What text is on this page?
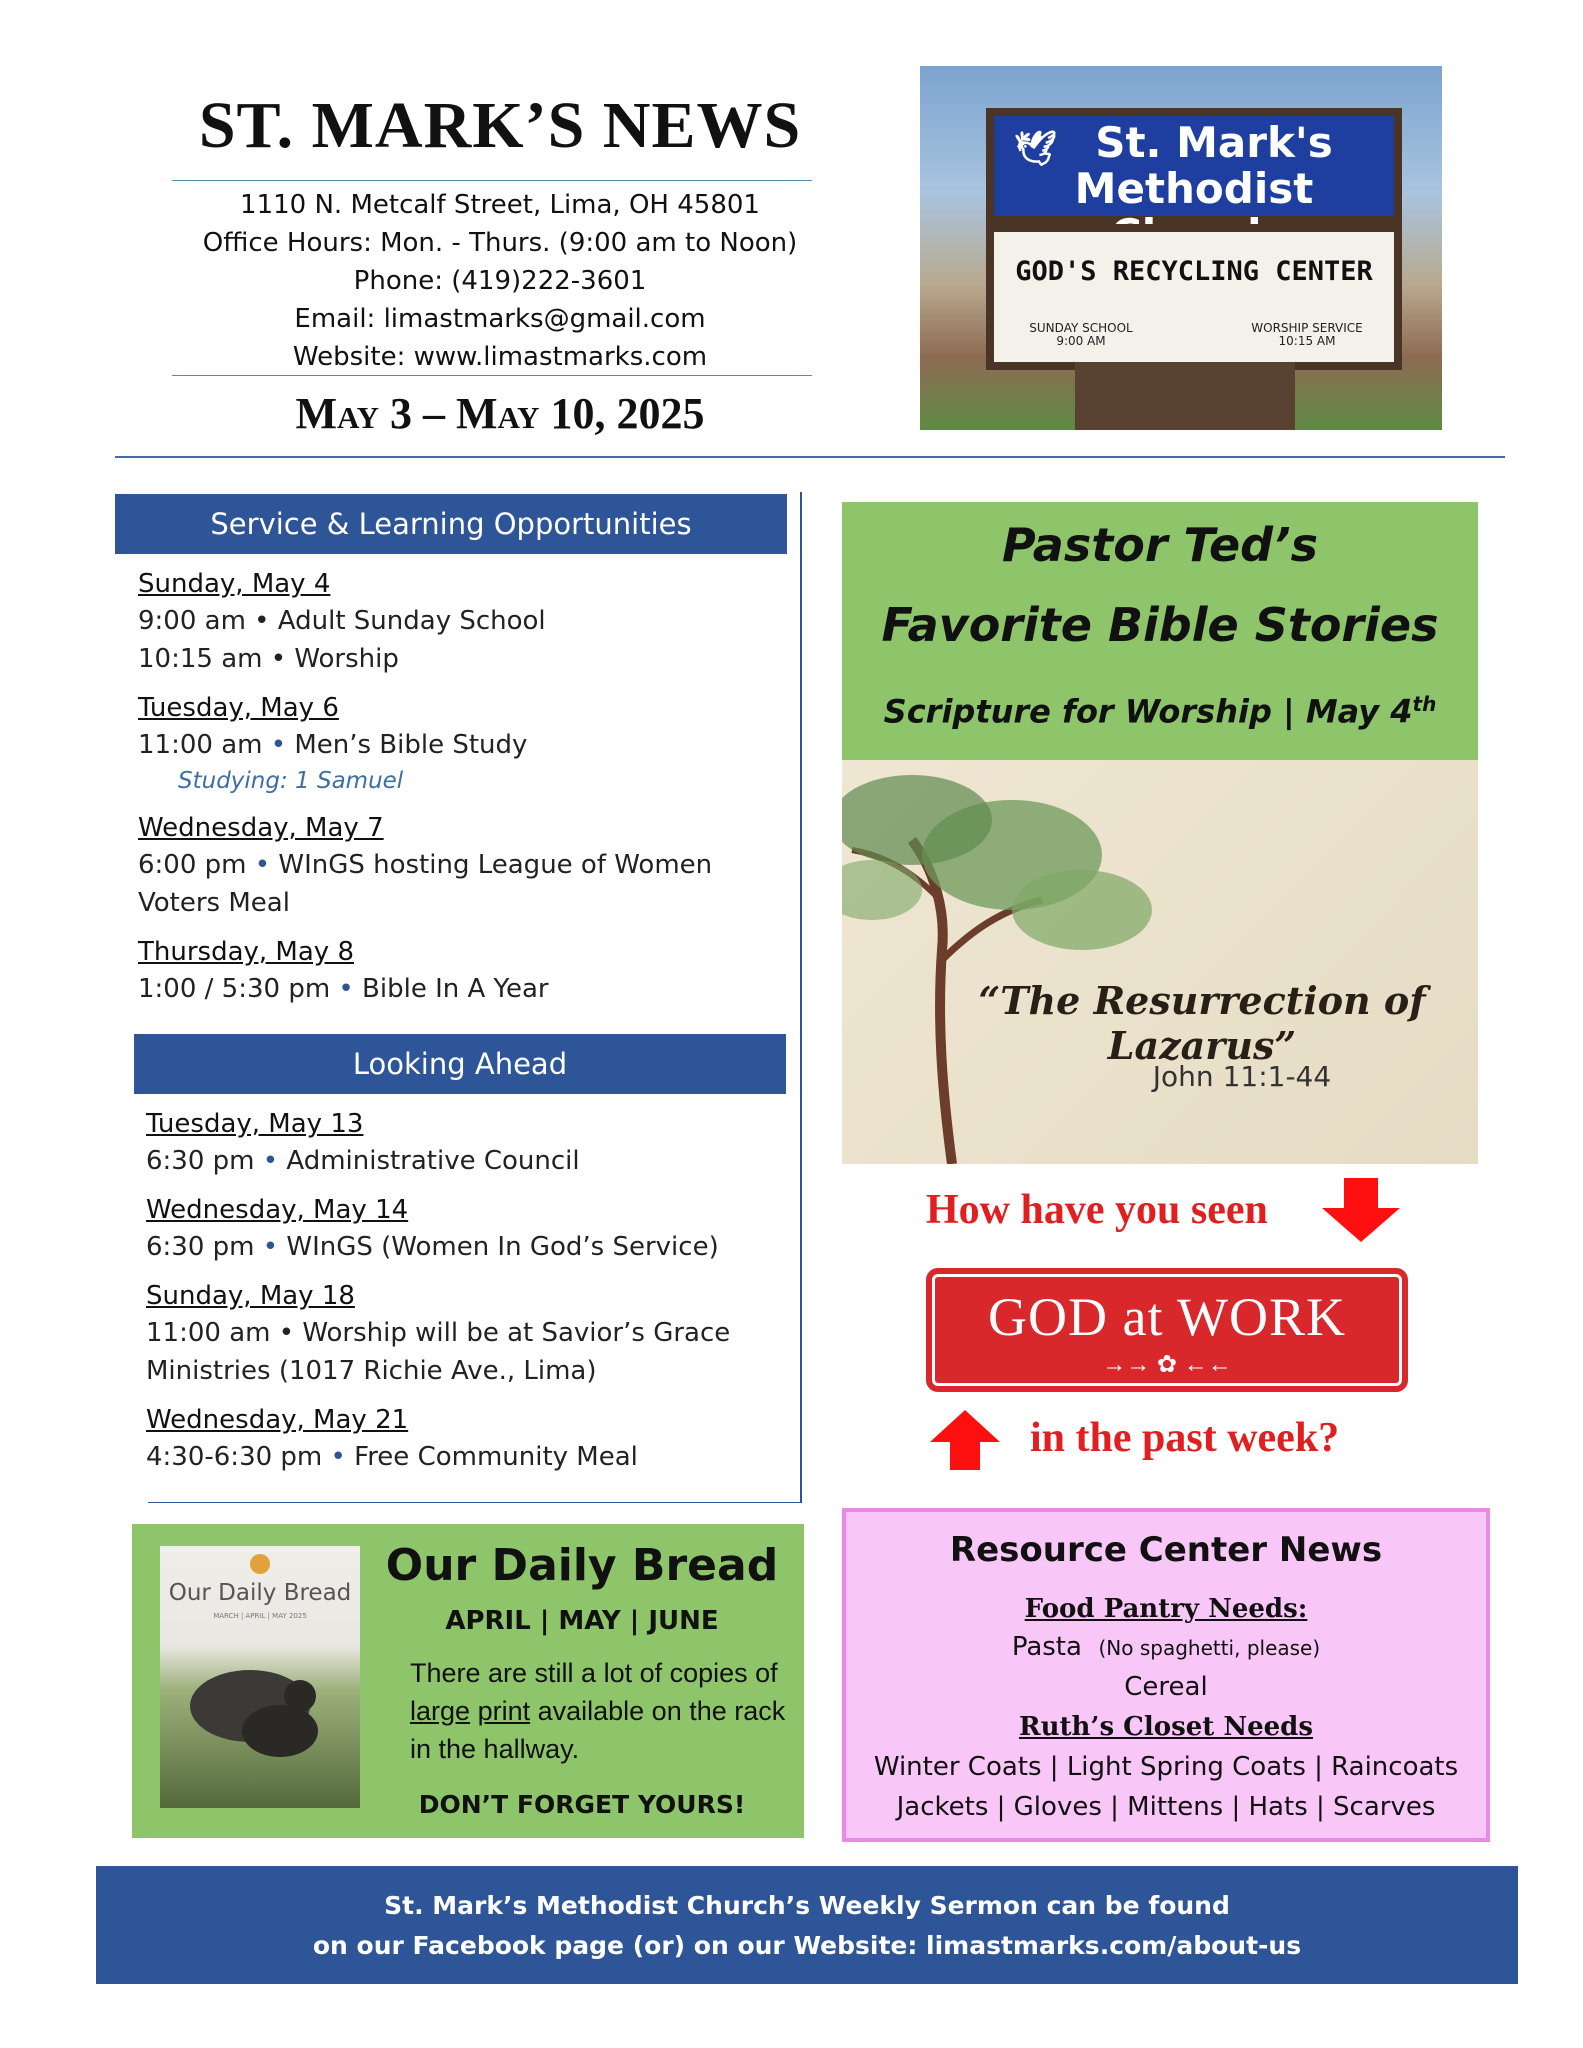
ST. MARK’S NEWS
1110 N. Metcalf Street, Lima, OH 45801
Office Hours: Mon. - Thurs. (9:00 am to Noon)
Phone: (419)222-3601
Email: limastmarks@gmail.com
Website: www.limastmarks.com
May 3 – May 10, 2025
🕊 St. Mark's
Methodist
GOD'S RECYCLING CENTER
SUNDAY SCHOOL
9:00 AM
WORSHIP SERVICE
10:15 AM
Service & Learning Opportunities
Sunday, May 4
9:00 am • Adult Sunday School
10:15 am • Worship
Tuesday, May 6
11:00 am • Men’s Bible Study
Studying: 1 Samuel
Wednesday, May 7
6:00 pm • WInGS hosting League of Women
Voters Meal
Thursday, May 8
1:00 / 5:30 pm • Bible In A Year
Looking Ahead
Tuesday, May 13
6:30 pm • Administrative Council
Wednesday, May 14
6:30 pm • WInGS (Women In God’s Service)
Sunday, May 18
11:00 am • Worship will be at Savior’s Grace
Ministries (1017 Richie Ave., Lima)
Wednesday, May 21
4:30-6:30 pm • Free Community Meal
Pastor Ted’s
Favorite Bible Stories
Scripture for Worship | May 4th
“The Resurrection of Lazarus”
John 11:1-44
How have you seen
GOD at WORK
→→ ✿ ←←
in the past week?
Our Daily Bread
MARCH | APRIL | MAY 2025
Our Daily Bread
APRIL | MAY | JUNE
There are still a lot of copies of
large print available on the rack
in the hallway.
DON’T FORGET YOURS!
Resource Center News
Food Pantry Needs:
Pasta (No spaghetti, please)
Cereal
Ruth’s Closet Needs
Winter Coats | Light Spring Coats | Raincoats
Jackets | Gloves | Mittens | Hats | Scarves
St. Mark’s Methodist Church’s Weekly Sermon can be found
on our Facebook page (or) on our Website: limastmarks.com/about-us
